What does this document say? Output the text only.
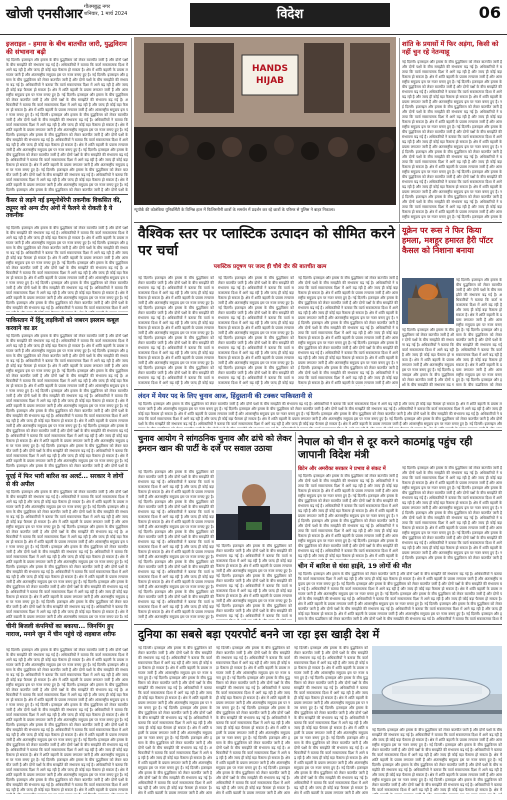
खोजी एनसीआर गौतमबुद्ध नगर
शनिवार, 1 मार्च 2024	विदेश	06
इजराइल - हमास के बीच बातचीत जारी, युद्धविराम की संभावना बढ़ी
नई दिल्ली। इजराइल और हमास के बीच युद्धविराम को लेकर बातचीत जारी है और दोनों पक्षों के बीच समझौते की संभावना बढ़ गई है। अधिकारियों ने बताया कि वार्ता सकारात्मक दिशा में आगे बढ़ रही है और जल्द ही कोई बड़ा फैसला हो सकता है। क्षेत्र में शांति बहाली के प्रयास लगातार जारी हैं और अंतरराष्ट्रीय समुदाय इस पर नजर बनाए हुए है। नई दिल्ली। इजराइल और हमास के बीच युद्धविराम को लेकर बातचीत जारी है और दोनों पक्षों के बीच समझौते की संभावना बढ़ गई है। अधिकारियों ने बताया कि वार्ता सकारात्मक दिशा में आगे बढ़ रही है और जल्द ही कोई बड़ा फैसला हो सकता है। क्षेत्र में शांति बहाली के प्रयास लगातार जारी हैं और अंतरराष्ट्रीय समुदाय इस पर नजर बनाए हुए है। नई दिल्ली। इजराइल और हमास के बीच युद्धविराम को लेकर बातचीत जारी है और दोनों पक्षों के बीच समझौते की संभावना बढ़ गई है। अधिकारियों ने बताया कि वार्ता सकारात्मक दिशा में आगे बढ़ रही है और जल्द ही कोई बड़ा फैसला हो सकता है। क्षेत्र में शांति बहाली के प्रयास लगातार जारी हैं और अंतरराष्ट्रीय समुदाय इस पर नजर बनाए हुए है। नई दिल्ली। इजराइल और हमास के बीच युद्धविराम को लेकर बातचीत जारी है और दोनों पक्षों के बीच समझौते की संभावना बढ़ गई है। अधिकारियों ने बताया कि वार्ता सकारात्मक दिशा में आगे बढ़ रही है और जल्द ही कोई बड़ा फैसला हो सकता है। क्षेत्र में शांति बहाली के प्रयास लगातार जारी हैं और अंतरराष्ट्रीय समुदाय इस पर नजर बनाए हुए है। नई दिल्ली। इजराइल और हमास के बीच युद्धविराम को लेकर बातचीत जारी है और दोनों पक्षों के बीच समझौते की संभावना बढ़ गई है। अधिकारियों ने बताया कि वार्ता सकारात्मक दिशा में आगे बढ़ रही है और जल्द ही कोई बड़ा फैसला हो सकता है। क्षेत्र में शांति बहाली के प्रयास लगातार जारी हैं और अंतरराष्ट्रीय समुदाय इस पर नजर बनाए हुए है। नई दिल्ली। इजराइल और हमास के बीच युद्धविराम को लेकर बातचीत जारी है और दोनों पक्षों के बीच समझौते की संभावना बढ़ गई है। अधिकारियों ने बताया कि वार्ता सकारात्मक दिशा में आगे बढ़ रही है और जल्द ही कोई बड़ा फैसला हो सकता है। क्षेत्र में शांति बहाली के प्रयास लगातार जारी हैं और अंतरराष्ट्रीय समुदाय इस पर नजर बनाए हुए है। नई दिल्ली। इजराइल और हमास के बीच युद्धविराम को लेकर बातचीत जारी है और दोनों पक्षों के बीच समझौते की संभावना बढ़ गई है। अधिकारियों ने बताया कि वार्ता सकारात्मक दिशा में आगे बढ़ रही है और जल्द ही कोई बड़ा फैसला हो सकता है। क्षेत्र में शांति बहाली के प्रयास लगातार जारी हैं और अंतरराष्ट्रीय समुदाय इस पर नजर बनाए हुए है। नई दिल्ली। इजराइल और हमास के बीच युद्धविराम को लेकर बातचीत जारी है और दोनों पक्षों के
कैंसर से लड़ने नई इम्यूनोथेरेपी तकनीक विकसित की, ट्यूमर को अन्य टीए अंगों में फैलने से रोकती है ये तकनीक
नई दिल्ली। इजराइल और हमास के बीच युद्धविराम को लेकर बातचीत जारी है और दोनों पक्षों के बीच समझौते की संभावना बढ़ गई है। अधिकारियों ने बताया कि वार्ता सकारात्मक दिशा में आगे बढ़ रही है और जल्द ही कोई बड़ा फैसला हो सकता है। क्षेत्र में शांति बहाली के प्रयास लगातार जारी हैं और अंतरराष्ट्रीय समुदाय इस पर नजर बनाए हुए है। नई दिल्ली। इजराइल और हमास के बीच युद्धविराम को लेकर बातचीत जारी है और दोनों पक्षों के बीच समझौते की संभावना बढ़ गई है। अधिकारियों ने बताया कि वार्ता सकारात्मक दिशा में आगे बढ़ रही है और जल्द ही कोई बड़ा फैसला हो सकता है। क्षेत्र में शांति बहाली के प्रयास लगातार जारी हैं और अंतरराष्ट्रीय समुदाय इस पर नजर बनाए हुए है। नई दिल्ली। इजराइल और हमास के बीच युद्धविराम को लेकर बातचीत जारी है और दोनों पक्षों के बीच समझौते की संभावना बढ़ गई है। अधिकारियों ने बताया कि वार्ता सकारात्मक दिशा में आगे बढ़ रही है और जल्द ही कोई बड़ा फैसला हो सकता है। क्षेत्र में शांति बहाली के प्रयास लगातार जारी हैं और अंतरराष्ट्रीय समुदाय इस पर नजर बनाए हुए है। नई दिल्ली। इजराइल और हमास के बीच युद्धविराम को लेकर बातचीत जारी है और दोनों पक्षों के बीच समझौते की संभावना बढ़ गई है। अधिकारियों ने बताया कि वार्ता सकारात्मक दिशा में आगे बढ़ रही है और जल्द ही कोई बड़ा फैसला हो सकता है। क्षेत्र में शांति बहाली के प्रयास लगातार जारी हैं और अंतरराष्ट्रीय समुदाय इस पर नजर बनाए हुए है। नई दिल्ली। इजराइल और हमास के बीच युद्धविराम को लेकर बातचीत जारी है और दोनों पक्षों के बीच समझौते की संभावना बढ़ गई है। अधिकारियों ने बताया कि वार्ता सकारात्मक दिशा में आगे
पाकिस्तान में हिंदू लड़कियों को जबरन इस्लाम कबूल करवाने का डर
नई दिल्ली। इजराइल और हमास के बीच युद्धविराम को लेकर बातचीत जारी है और दोनों पक्षों के बीच समझौते की संभावना बढ़ गई है। अधिकारियों ने बताया कि वार्ता सकारात्मक दिशा में आगे बढ़ रही है और जल्द ही कोई बड़ा फैसला हो सकता है। क्षेत्र में शांति बहाली के प्रयास लगातार जारी हैं और अंतरराष्ट्रीय समुदाय इस पर नजर बनाए हुए है। नई दिल्ली। इजराइल और हमास के बीच युद्धविराम को लेकर बातचीत जारी है और दोनों पक्षों के बीच समझौते की संभावना बढ़ गई है। अधिकारियों ने बताया कि वार्ता सकारात्मक दिशा में आगे बढ़ रही है और जल्द ही कोई बड़ा फैसला हो सकता है। क्षेत्र में शांति बहाली के प्रयास लगातार जारी हैं और अंतरराष्ट्रीय समुदाय इस पर नजर बनाए हुए है। नई दिल्ली। इजराइल और हमास के बीच युद्धविराम को लेकर बातचीत जारी है और दोनों पक्षों के बीच समझौते की संभावना बढ़ गई है। अधिकारियों ने बताया कि वार्ता सकारात्मक दिशा में आगे बढ़ रही है और जल्द ही कोई बड़ा फैसला हो सकता है। क्षेत्र में शांति बहाली के प्रयास लगातार जारी हैं और अंतरराष्ट्रीय समुदाय इस पर नजर बनाए हुए है। नई दिल्ली। इजराइल और हमास के बीच युद्धविराम को लेकर बातचीत जारी है और दोनों पक्षों के बीच समझौते की संभावना बढ़ गई है। अधिकारियों ने बताया कि वार्ता सकारात्मक दिशा में आगे बढ़ रही है और जल्द ही कोई बड़ा फैसला हो सकता है। क्षेत्र में शांति बहाली के प्रयास लगातार जारी हैं और अंतरराष्ट्रीय समुदाय इस पर नजर बनाए हुए है। नई दिल्ली। इजराइल और हमास के बीच युद्धविराम को लेकर बातचीत जारी है और दोनों पक्षों के बीच समझौते की संभावना बढ़ गई है। अधिकारियों ने बताया कि वार्ता सकारात्मक दिशा में आगे बढ़ रही है और जल्द ही कोई बड़ा फैसला हो सकता है। क्षेत्र में शांति बहाली के प्रयास लगातार जारी हैं और अंतरराष्ट्रीय समुदाय इस पर नजर बनाए हुए है। नई दिल्ली। इजराइल और हमास के बीच युद्धविराम को लेकर बातचीत जारी है और दोनों पक्षों के बीच समझौते की संभावना बढ़ गई है। अधिकारियों ने बताया कि वार्ता सकारात्मक दिशा में आगे बढ़ रही है और जल्द ही कोई बड़ा फैसला हो सकता है। क्षेत्र में शांति बहाली के प्रयास लगातार जारी हैं और अंतरराष्ट्रीय समुदाय इस पर नजर बनाए हुए है। नई दिल्ली। इजराइल और हमास के बीच युद्धविराम को लेकर बातचीत जारी है और दोनों पक्षों के बीच समझौते की संभावना बढ़ गई है। अधिकारियों ने बताया कि वार्ता सकारात्मक दिशा में आगे बढ़ रही है और जल्द ही कोई बड़ा फैसला हो सकता है। क्षेत्र में शांति बहाली के प्रयास लगातार जारी हैं और अंतरराष्ट्रीय समुदाय इस पर नजर बनाए हुए है। नई दिल्ली। इजराइल और हमास के बीच युद्धविराम को लेकर बातचीत जारी है और दोनों पक्षों के
यूएई में फिर भारी बारिश का अलर्ट... सरकार ने लोगों से की अपील
नई दिल्ली। इजराइल और हमास के बीच युद्धविराम को लेकर बातचीत जारी है और दोनों पक्षों के बीच समझौते की संभावना बढ़ गई है। अधिकारियों ने बताया कि वार्ता सकारात्मक दिशा में आगे बढ़ रही है और जल्द ही कोई बड़ा फैसला हो सकता है। क्षेत्र में शांति बहाली के प्रयास लगातार जारी हैं और अंतरराष्ट्रीय समुदाय इस पर नजर बनाए हुए है। नई दिल्ली। इजराइल और हमास के बीच युद्धविराम को लेकर बातचीत जारी है और दोनों पक्षों के बीच समझौते की संभावना बढ़ गई है। अधिकारियों ने बताया कि वार्ता सकारात्मक दिशा में आगे बढ़ रही है और जल्द ही कोई बड़ा फैसला हो सकता है। क्षेत्र में शांति बहाली के प्रयास लगातार जारी हैं और अंतरराष्ट्रीय समुदाय इस पर नजर बनाए हुए है। नई दिल्ली। इजराइल और हमास के बीच युद्धविराम को लेकर बातचीत जारी है और दोनों पक्षों के बीच समझौते की संभावना बढ़ गई है। अधिकारियों ने बताया कि वार्ता सकारात्मक दिशा में आगे बढ़ रही है और जल्द ही कोई बड़ा फैसला हो सकता है। क्षेत्र में शांति बहाली के प्रयास लगातार जारी हैं और अंतरराष्ट्रीय समुदाय इस पर नजर बनाए हुए है। नई दिल्ली। इजराइल और हमास के बीच युद्धविराम को लेकर बातचीत जारी है और दोनों पक्षों के बीच समझौते की संभावना बढ़ गई है। अधिकारियों ने बताया कि वार्ता सकारात्मक दिशा में आगे बढ़ रही है और जल्द ही कोई बड़ा फैसला हो सकता है। क्षेत्र में शांति बहाली के प्रयास लगातार जारी हैं और अंतरराष्ट्रीय समुदाय इस पर नजर बनाए हुए है। नई दिल्ली। इजराइल और हमास के बीच युद्धविराम को लेकर बातचीत जारी है और दोनों पक्षों के बीच समझौते की संभावना बढ़ गई है। अधिकारियों ने बताया कि वार्ता सकारात्मक दिशा में आगे बढ़ रही है और जल्द ही कोई बड़ा फैसला हो सकता है। क्षेत्र में शांति बहाली के प्रयास लगातार जारी हैं और अंतरराष्ट्रीय समुदाय इस पर नजर बनाए हुए है। नई दिल्ली। इजराइल और हमास के बीच युद्धविराम को लेकर बातचीत जारी है और दोनों पक्षों के बीच समझौते की संभावना बढ़ गई है। अधिकारियों ने बताया कि वार्ता सकारात्मक दिशा में आगे बढ़ रही है और जल्द ही कोई बड़ा फैसला हो सकता है। क्षेत्र में शांति बहाली के प्रयास लगातार जारी हैं और अंतरराष्ट्रीय समुदाय इस पर नजर बनाए हुए है। नई दिल्ली। इजराइल और हमास के बीच युद्धविराम को लेकर बातचीत जारी है और दोनों पक्षों के बीच समझौते की संभावना बढ़ गई है। अधिकारियों ने बताया कि वार्ता सकारात्मक दिशा में आगे बढ़ रही है और जल्द ही कोई बड़ा फैसला हो सकता है। क्षेत्र में शांति बहाली के प्रयास लगातार जारी हैं और अंतरराष्ट्रीय समुदाय इस पर नजर बनाए हुए है। नई
चीनी बिजली कंपनियों का बकाया... जिनपिंग हुए नाराज, मनाने जुन में चीन पहुंचे रहे शहबाज शरीफ
नई दिल्ली। इजराइल और हमास के बीच युद्धविराम को लेकर बातचीत जारी है और दोनों पक्षों के बीच समझौते की संभावना बढ़ गई है। अधिकारियों ने बताया कि वार्ता सकारात्मक दिशा में आगे बढ़ रही है और जल्द ही कोई बड़ा फैसला हो सकता है। क्षेत्र में शांति बहाली के प्रयास लगातार जारी हैं और अंतरराष्ट्रीय समुदाय इस पर नजर बनाए हुए है। नई दिल्ली। इजराइल और हमास के बीच युद्धविराम को लेकर बातचीत जारी है और दोनों पक्षों के बीच समझौते की संभावना बढ़ गई है। अधिकारियों ने बताया कि वार्ता सकारात्मक दिशा में आगे बढ़ रही है और जल्द ही कोई बड़ा फैसला हो सकता है। क्षेत्र में शांति बहाली के प्रयास लगातार जारी हैं और अंतरराष्ट्रीय समुदाय इस पर नजर बनाए हुए है। नई दिल्ली। इजराइल और हमास के बीच युद्धविराम को लेकर बातचीत जारी है और दोनों पक्षों के बीच समझौते की संभावना बढ़ गई है। अधिकारियों ने बताया कि वार्ता सकारात्मक दिशा में आगे बढ़ रही है और जल्द ही कोई बड़ा फैसला हो सकता है। क्षेत्र में शांति बहाली के प्रयास लगातार जारी हैं और अंतरराष्ट्रीय समुदाय इस पर नजर बनाए हुए है। नई दिल्ली। इजराइल और हमास के बीच युद्धविराम को लेकर बातचीत जारी है और दोनों पक्षों के बीच समझौते की संभावना बढ़ गई है। अधिकारियों ने बताया कि वार्ता सकारात्मक दिशा में आगे बढ़ रही है और जल्द ही कोई बड़ा फैसला हो सकता है। क्षेत्र में शांति बहाली के प्रयास लगातार जारी हैं और अंतरराष्ट्रीय समुदाय इस पर नजर बनाए हुए है। नई दिल्ली। इजराइल और हमास के बीच युद्धविराम को लेकर बातचीत जारी है और दोनों पक्षों के बीच समझौते की संभावना बढ़ गई है। अधिकारियों ने बताया कि वार्ता सकारात्मक दिशा में आगे बढ़ रही है और जल्द ही कोई बड़ा फैसला हो सकता है। क्षेत्र में शांति बहाली के प्रयास लगातार जारी हैं और अंतरराष्ट्रीय समुदाय इस पर नजर बनाए हुए है। नई दिल्ली। इजराइल और हमास के बीच युद्धविराम को लेकर बातचीत जारी है और दोनों पक्षों के बीच समझौते की संभावना बढ़ गई है। अधिकारियों ने बताया कि वार्ता सकारात्मक दिशा में आगे बढ़ रही है और जल्द ही कोई बड़ा फैसला हो सकता है। क्षेत्र में शांति बहाली के प्रयास लगातार जारी हैं और अंतरराष्ट्रीय समुदाय इस पर नजर बनाए हुए है। नई दिल्ली। इजराइल और हमास के बीच युद्धविराम को लेकर बातचीत जारी है और दोनों पक्षों के बीच समझौते की संभावना बढ़ गई है। अधिकारियों ने बताया कि वार्ता सकारात्मक दिशा में आगे बढ़ रही है और जल्द ही कोई बड़ा फैसला हो सकता है। क्षेत्र में शांति बहाली के प्रयास लगातार जारी हैं और अंतरराष्ट्रीय समुदाय इस पर नजर बनाए हुए है। नई दिल्ली। इजराइल और हमास के बीच युद्धविराम को लेकर बातचीत जारी है और दोनों पक्षों के बीच समझौते की संभावना बढ़ गई है। अधिकारियों ने बताया कि वार्ता सकारात्मक दिशा में आगे बढ़ रही है और जल्द ही कोई बड़ा फैसला हो सकता है। क्षेत्र में शांति बहाली के प्रयास लगातार
HANDS
HIJAB
न्यूयॉर्क की कोलंबिया यूनिवर्सिटी के विभिन्न हाल में फिलिस्तीनी छात्रों के समर्थन में प्रदर्शन कर रहे छात्रों के परिसर से पुलिस ने बाहर निकाला।
शांति के प्रयासों में फिर अड़ंगा, किसी को नहीं चुन रहे नेतन्याहू
नई दिल्ली। इजराइल और हमास के बीच युद्धविराम को लेकर बातचीत जारी है और दोनों पक्षों के बीच समझौते की संभावना बढ़ गई है। अधिकारियों ने बताया कि वार्ता सकारात्मक दिशा में आगे बढ़ रही है और जल्द ही कोई बड़ा फैसला हो सकता है। क्षेत्र में शांति बहाली के प्रयास लगातार जारी हैं और अंतरराष्ट्रीय समुदाय इस पर नजर बनाए हुए है। नई दिल्ली। इजराइल और हमास के बीच युद्धविराम को लेकर बातचीत जारी है और दोनों पक्षों के बीच समझौते की संभावना बढ़ गई है। अधिकारियों ने बताया कि वार्ता सकारात्मक दिशा में आगे बढ़ रही है और जल्द ही कोई बड़ा फैसला हो सकता है। क्षेत्र में शांति बहाली के प्रयास लगातार जारी हैं और अंतरराष्ट्रीय समुदाय इस पर नजर बनाए हुए है। नई दिल्ली। इजराइल और हमास के बीच युद्धविराम को लेकर बातचीत जारी है और दोनों पक्षों के बीच समझौते की संभावना बढ़ गई है। अधिकारियों ने बताया कि वार्ता सकारात्मक दिशा में आगे बढ़ रही है और जल्द ही कोई बड़ा फैसला हो सकता है। क्षेत्र में शांति बहाली के प्रयास लगातार जारी हैं और अंतरराष्ट्रीय समुदाय इस पर नजर बनाए हुए है। नई दिल्ली। इजराइल और हमास के बीच युद्धविराम को लेकर बातचीत जारी है और दोनों पक्षों के बीच समझौते की संभावना बढ़ गई है। अधिकारियों ने बताया कि वार्ता सकारात्मक दिशा में आगे बढ़ रही है और जल्द ही कोई बड़ा फैसला हो सकता है। क्षेत्र में शांति बहाली के प्रयास लगातार जारी हैं और अंतरराष्ट्रीय समुदाय इस पर नजर बनाए हुए है। नई दिल्ली। इजराइल और हमास के बीच युद्धविराम को लेकर बातचीत जारी है और दोनों पक्षों के बीच समझौते की संभावना बढ़ गई है। अधिकारियों ने बताया कि वार्ता सकारात्मक दिशा में आगे बढ़ रही है और जल्द ही कोई बड़ा फैसला हो सकता है। क्षेत्र में शांति बहाली के प्रयास लगातार जारी हैं और अंतरराष्ट्रीय समुदाय इस पर नजर बनाए हुए है। नई दिल्ली। इजराइल और हमास के बीच युद्धविराम को लेकर बातचीत जारी है और दोनों पक्षों के बीच समझौते की संभावना बढ़ गई है। अधिकारियों ने बताया कि वार्ता सकारात्मक दिशा में आगे बढ़ रही है और जल्द ही कोई बड़ा फैसला हो सकता है। क्षेत्र में शांति बहाली के प्रयास लगातार जारी हैं और अंतरराष्ट्रीय समुदाय इस पर नजर बनाए हुए है। नई दिल्ली। इजराइल और हमास के बीच युद्धविराम को लेकर बातचीत जारी है और दोनों पक्षों के बीच समझौते की संभावना बढ़ गई है। अधिकारियों ने बताया कि वार्ता सकारात्मक दिशा में आगे बढ़ रही है और जल्द ही कोई बड़ा फैसला हो सकता है। क्षेत्र में शांति बहाली के प्रयास लगातार जारी हैं और अंतरराष्ट्रीय समुदाय इस पर नजर बनाए हुए है। नई दिल्ली। इजराइल और हमास के
वैश्विक स्तर पर प्लास्टिक उत्पादन को सीमित करने पर चर्चा
प्लास्टिक प्रदूषण पर जल्द ही चौथे दौर की बातचीत खत्म
नई दिल्ली। इजराइल और हमास के बीच युद्धविराम को लेकर बातचीत जारी है और दोनों पक्षों के बीच समझौते की संभावना बढ़ गई है। अधिकारियों ने बताया कि वार्ता सकारात्मक दिशा में आगे बढ़ रही है और जल्द ही कोई बड़ा फैसला हो सकता है। क्षेत्र में शांति बहाली के प्रयास लगातार जारी हैं और अंतरराष्ट्रीय समुदाय इस पर नजर बनाए हुए है। नई दिल्ली। इजराइल और हमास के बीच युद्धविराम को लेकर बातचीत जारी है और दोनों पक्षों के बीच समझौते की संभावना बढ़ गई है। अधिकारियों ने बताया कि वार्ता सकारात्मक दिशा में आगे बढ़ रही है और जल्द ही कोई बड़ा फैसला हो सकता है। क्षेत्र में शांति बहाली के प्रयास लगातार जारी हैं और अंतरराष्ट्रीय समुदाय इस पर नजर बनाए हुए है। नई दिल्ली। इजराइल और हमास के बीच युद्धविराम को लेकर बातचीत जारी है और दोनों पक्षों के बीच समझौते की संभावना बढ़ गई है। अधिकारियों ने बताया कि वार्ता सकारात्मक दिशा में आगे बढ़ रही है और जल्द ही कोई बड़ा फैसला हो सकता है। क्षेत्र में शांति बहाली के प्रयास लगातार जारी हैं और अंतरराष्ट्रीय समुदाय इस पर नजर बनाए हुए है। नई दिल्ली। इजराइल और हमास के बीच युद्धविराम को लेकर बातचीत जारी है और दोनों पक्षों के बीच समझौते की संभावना बढ़ गई है। अधिकारियों ने बताया कि वार्ता सकारात्मक दिशा में आगे बढ़ रही है और जल्द ही कोई बड़ा
नई दिल्ली। इजराइल और हमास के बीच युद्धविराम को लेकर बातचीत जारी है और दोनों पक्षों के बीच समझौते की संभावना बढ़ गई है। अधिकारियों ने बताया कि वार्ता सकारात्मक दिशा में आगे बढ़ रही है और जल्द ही कोई बड़ा फैसला हो सकता है। क्षेत्र में शांति बहाली के प्रयास लगातार जारी हैं और अंतरराष्ट्रीय समुदाय इस पर नजर बनाए हुए है। नई दिल्ली। इजराइल और हमास के बीच युद्धविराम को लेकर बातचीत जारी है और दोनों पक्षों के बीच समझौते की संभावना बढ़ गई है। अधिकारियों ने बताया कि वार्ता सकारात्मक दिशा में आगे बढ़ रही है और जल्द ही कोई बड़ा फैसला हो सकता है। क्षेत्र में शांति बहाली के प्रयास लगातार जारी हैं और अंतरराष्ट्रीय समुदाय इस पर नजर बनाए हुए है। नई दिल्ली। इजराइल और हमास के बीच युद्धविराम को लेकर बातचीत जारी है और दोनों पक्षों के बीच समझौते की संभावना बढ़ गई है। अधिकारियों ने बताया कि वार्ता सकारात्मक दिशा में आगे बढ़ रही है और जल्द ही कोई बड़ा फैसला हो सकता है। क्षेत्र में शांति बहाली के प्रयास लगातार जारी हैं और अंतरराष्ट्रीय समुदाय इस पर नजर बनाए हुए है। नई दिल्ली। इजराइल और हमास के बीच युद्धविराम को लेकर बातचीत जारी है और दोनों पक्षों के बीच समझौते की संभावना बढ़ गई है। अधिकारियों ने बताया कि वार्ता सकारात्मक दिशा में आगे बढ़ रही है और जल्द ही कोई बड़ा
नई दिल्ली। इजराइल और हमास के बीच युद्धविराम को लेकर बातचीत जारी है और दोनों पक्षों के बीच समझौते की संभावना बढ़ गई है। अधिकारियों ने बताया कि वार्ता सकारात्मक दिशा में आगे बढ़ रही है और जल्द ही कोई बड़ा फैसला हो सकता है। क्षेत्र में शांति बहाली के प्रयास लगातार जारी हैं और अंतरराष्ट्रीय समुदाय इस पर नजर बनाए हुए है। नई दिल्ली। इजराइल और हमास के बीच युद्धविराम को लेकर बातचीत जारी है और दोनों पक्षों के बीच समझौते की संभावना बढ़ गई है। अधिकारियों ने बताया कि वार्ता सकारात्मक दिशा में आगे बढ़ रही है और जल्द ही कोई बड़ा फैसला हो सकता है। क्षेत्र में शांति बहाली के प्रयास लगातार जारी हैं और अंतरराष्ट्रीय समुदाय इस पर नजर बनाए हुए है। नई दिल्ली। इजराइल और हमास के बीच युद्धविराम को लेकर बातचीत जारी है और दोनों पक्षों के बीच समझौते की संभावना बढ़ गई है। अधिकारियों ने बताया कि वार्ता सकारात्मक दिशा में आगे बढ़ रही है और जल्द ही कोई बड़ा फैसला हो सकता है। क्षेत्र में शांति बहाली के प्रयास लगातार जारी हैं और अंतरराष्ट्रीय समुदाय इस पर नजर बनाए हुए है। नई दिल्ली। इजराइल और हमास के बीच युद्धविराम को लेकर बातचीत जारी है और दोनों पक्षों के बीच समझौते की संभावना बढ़ गई है। अधिकारियों ने बताया कि वार्ता सकारात्मक दिशा में आगे बढ़ रही है और जल्द ही कोई बड़ा फैसला हो सकता है। क्षेत्र में शांति बहाली के प्रयास लगातार जारी हैं और अंतरराष्ट्रीय समुदाय इस पर नजर बनाए हुए है। नई दिल्ली। इजराइल और हमास के बीच युद्धविराम को लेकर बातचीत जारी है और दोनों पक्षों के बीच समझौते की संभावना बढ़ गई है। अधिकारियों ने बताया कि वार्ता सकारात्मक दिशा में आगे बढ़ रही है और जल्द ही कोई बड़ा फैसला हो सकता है। क्षेत्र में शांति बहाली के प्रयास लगातार जारी हैं और अंतर
यूक्रेन पर रूस ने फिर किया हमला, मशहूर हमारत हैरी पॉटर कैसल को निशाना बनाया
नई दिल्ली। इजराइल और हमास के बीच युद्धविराम को लेकर बातचीत जारी है और दोनों पक्षों के बीच समझौते की संभावना बढ़ गई है। अधिकारियों ने बताया कि वार्ता सकारात्मक दिशा में आगे बढ़ रही है और जल्द ही कोई बड़ा फैसला हो सकता है। क्षेत्र में शांति बहाली के प्रयास लगातार जारी हैं और अंतरराष्ट्रीय समुदाय इस पर नजर बनाए हुए है। नई दिल्ली। इजराइल और हमास के बीच युद्धविराम को लेकर बातचीत जारी है और दोनों पक्षों के बीच समझौते की संभावना बढ़ गई है। अधिकारियों ने बताया कि वार्ता सकारात्मक दिशा में आगे बढ़ रही है और जल्द ही कोई बड़ा फैसला हो सकता है। क्षेत्र में शांति बहाली के प्रयास लगातार जारी हैं और अंतरराष्ट्रीय समुदाय इस पर नजर बनाए हुए है। नई दिल्ली। इजराइल और हमास के बीच युद्धविराम को लेकर
नई दिल्ली। इजराइल और हमास के बीच युद्धविराम को लेकर बातचीत जारी है और दोनों पक्षों के बीच समझौते की संभावना बढ़ गई है। अधिकारियों ने बताया कि वार्ता सकारात्मक दिशा में आगे बढ़ रही है और जल्द ही कोई बड़ा फैसला हो सकता है। क्षेत्र में शांति बहाली के प्रयास लगातार जारी हैं और अंतरराष्ट्रीय समुदाय इस पर नजर बनाए हुए है। नई दिल्ली। इजराइल और हमास के बीच युद्धविराम को लेकर बातचीत जारी है और दोनों पक्षों के बीच समझौते की संभावना बढ़ ग
लंदन में मेयर पद के लिए चुनाव आज, हिंदुस्तानी की टक्कर पाकिस्तानी से
नई दिल्ली। इजराइल और हमास के बीच युद्धविराम को लेकर बातचीत जारी है और दोनों पक्षों के बीच समझौते की संभावना बढ़ गई है। अधिकारियों ने बताया कि वार्ता सकारात्मक दिशा में आगे बढ़ रही है और जल्द ही कोई बड़ा फैसला हो सकता है। क्षेत्र में शांति बहाली के प्रयास लगातार जारी हैं और अंतरराष्ट्रीय समुदाय इस पर नजर बनाए हुए है। नई दिल्ली। इजराइल और हमास के बीच युद्धविराम को लेकर बातचीत जारी है और दोनों पक्षों के बीच समझौते की संभावना बढ़ गई है। अधिकारियों ने बताया कि वार्ता सकारात्मक दिशा में आगे बढ़ रही है और जल्द ही कोई बड़ा फैसला हो सकता है। क्षेत्र में शांति बहाली के प्रयास लगातार जारी हैं और अंतरराष्ट्रीय समुदाय इस पर नजर बनाए हुए है। नई दिल्ली। इजराइल और हमास के बीच युद्धविराम को लेकर बातचीत जारी है और दोनों पक्षों के बीच समझौते की संभावना बढ़ गई है। अधिकारियों ने बताया कि वार्ता सकारात्मक दिशा में आगे बढ़ रही है और जल्द ही कोई बड़ा फैसला हो सकता है। क्षेत्र में शांति बहाली के प्रयास लगातार जारी हैं और अंतरराष्ट्रीय समुदाय इस पर नजर बनाए हुए है। नई दिल्ली। इजराइल और हमास के बीच युद्धविराम को लेकर बातचीत जारी है और दोनों पक्षों के बीच समझौते की संभावना बढ़ गई है। अधिकारियों ने बताया कि वार्ता सकारात्मक दिशा में आगे बढ़ रही है और जल्द ही कोई बड़ा फैसला हो सकता है। क्षेत्र में शांति बहाली के प्रयास लगातार जारी हैं और अंतरराष्ट्रीय समुदाय इस पर नजर बनाए हुए है। नई दिल्ली। इजराइल और
चुनाव आयोग ने सांगठनिक चुनाव और ढांचे को लेकर इमरान खान की पार्टी के दर्जे पर सवाल उठाया
नई दिल्ली। इजराइल और हमास के बीच युद्धविराम को लेकर बातचीत जारी है और दोनों पक्षों के बीच समझौते की संभावना बढ़ गई है। अधिकारियों ने बताया कि वार्ता सकारात्मक दिशा में आगे बढ़ रही है और जल्द ही कोई बड़ा फैसला हो सकता है। क्षेत्र में शांति बहाली के प्रयास लगातार जारी हैं और अंतरराष्ट्रीय समुदाय इस पर नजर बनाए हुए है। नई दिल्ली। इजराइल और हमास के बीच युद्धविराम को लेकर बातचीत जारी है और दोनों पक्षों के बीच समझौते की संभावना बढ़ गई है। अधिकारियों ने बताया कि वार्ता सकारात्मक दिशा में आगे बढ़ रही है और जल्द ही कोई बड़ा फैसला हो सकता है। क्षेत्र में शांति बहाली के प्रयास लगातार जारी हैं और अंतरराष्ट्रीय समुदाय इस पर नजर बनाए हुए है। नई दिल्ली। इजराइल और हमास के बीच युद्धविराम को लेकर बातचीत जारी है और दोनों पक्षों के बीच समझौते की संभावना बढ़ गई है। अधिकारियों ने बताया कि वार्ता सकारात्मक दिशा में आगे बढ़ रही है और जल्द ही कोई बड़ा फैसला हो सकता है। क्षेत्र में शांति बहाली के प्रयास लगातार जारी हैं और अंतरराष्ट्रीय समुदाय इस पर नजर बनाए हुए है। नई दिल्ली। इजराइल और हमास के बीच युद्धविराम को लेकर बातचीत जारी है और दोनों पक्षों के बीच समझौते की संभावना बढ़ गई है। अधिकारियों ने बताया कि वार्ता सकारात्मक दिशा में आगे बढ़ रही है और जल्द ही कोई बड़ा फैसला हो सकता है। क्षेत्र में शांति बहाली के प्रयास लगातार जारी हैं और अंतरराष्ट्रीय समुदाय इस पर नजर बनाए हुए है। नई दिल्ली। इजराइल और हमास के बीच युद्धविराम को लेकर बातचीत जारी है और दोनों पक्षों के बीच समझौते की संभावना बढ़ गई है। अधिकारियों ने बताया कि वार्ता सकारात्मक दिशा में आगे बढ़ रही है और जल्द ही कोई बड़ा फैसला हो सकता है। क्षेत्र में शांति बहाली के प्रयास लगातार जारी हैं और अंतरराष्ट्रीय समुदाय इस पर नजर बनाए हुए है।
नई दिल्ली। इजराइल और हमास के बीच युद्धविराम को लेकर बातचीत जारी है और दोनों पक्षों के बीच समझौते की संभावना बढ़ गई है। अधिकारियों ने बताया कि वार्ता सकारात्मक दिशा में आगे बढ़ रही है और जल्द ही कोई बड़ा फैसला हो सकता है। क्षेत्र में शांति बहाली के प्रयास लगातार जारी हैं और अंतरराष्ट्रीय समुदाय इस पर नजर बनाए हुए है। नई दिल्ली। इजराइल और हमास के बीच युद्धविराम को लेकर बातचीत जारी है और दोनों पक्षों के बीच समझौते की संभावना बढ़ गई है। अधिकारियों ने बताया कि वार्ता सकारात्मक दिशा में आगे बढ़ रही है और जल्द ही कोई बड़ा फैसला हो सकता है। क्षेत्र में शांति बहाली के प्रयास लगातार जारी हैं और अंतरराष्ट्रीय समुदाय इस पर नजर बनाए हुए है। नई दिल्ली। इजराइल और हमास के बीच युद्धविराम को लेकर बातचीत जारी है और दोनों पक्षों के बीच समझौते की संभावना बढ़ गई है। अधिकारियों ने बताया कि वार्ता स
नेपाल को चीन से दूर करने काठमांडू पहुंच रही जापानी विदेश मंत्री
ब्रिटेन और अमरीका सरकार ने प्रभाव से संकट में
नई दिल्ली। इजराइल और हमास के बीच युद्धविराम को लेकर बातचीत जारी है और दोनों पक्षों के बीच समझौते की संभावना बढ़ गई है। अधिकारियों ने बताया कि वार्ता सकारात्मक दिशा में आगे बढ़ रही है और जल्द ही कोई बड़ा फैसला हो सकता है। क्षेत्र में शांति बहाली के प्रयास लगातार जारी हैं और अंतरराष्ट्रीय समुदाय इस पर नजर बनाए हुए है। नई दिल्ली। इजराइल और हमास के बीच युद्धविराम को लेकर बातचीत जारी है और दोनों पक्षों के बीच समझौते की संभावना बढ़ गई है। अधिकारियों ने बताया कि वार्ता सकारात्मक दिशा में आगे बढ़ रही है और जल्द ही कोई बड़ा फैसला हो सकता है। क्षेत्र में शांति बहाली के प्रयास लगातार जारी हैं और अंतरराष्ट्रीय समुदाय इस पर नजर बनाए हुए है। नई दिल्ली। इजराइल और हमास के बीच युद्धविराम को लेकर बातचीत जारी है और दोनों पक्षों के बीच समझौते की संभावना बढ़ गई है। अधिकारियों ने बताया कि वार्ता सकारात्मक दिशा में आगे बढ़ रही है और जल्द ही कोई बड़ा फैसला हो सकता है। क्षेत्र में शांति बहाली के प्रयास लगातार जारी हैं और अंतरराष्ट्रीय समुदाय इस पर नजर बनाए हुए है। नई दिल्ली। इजराइल और हमास के बीच युद्धविराम को लेकर बातचीत जारी है और दोनों पक्षों के बीच समझौते की संभावना बढ़ गई है। अधिकारियों ने बताया कि वार्ता सकारात्मक दिशा में आगे बढ़ रही है और जल्द ही कोई बड़ा फैसला हो सकता है। क्षेत्र में शांति बहाली के
नई दिल्ली। इजराइल और हमास के बीच युद्धविराम को लेकर बातचीत जारी है और दोनों पक्षों के बीच समझौते की संभावना बढ़ गई है। अधिकारियों ने बताया कि वार्ता सकारात्मक दिशा में आगे बढ़ रही है और जल्द ही कोई बड़ा फैसला हो सकता है। क्षेत्र में शांति बहाली के प्रयास लगातार जारी हैं और अंतरराष्ट्रीय समुदाय इस पर नजर बनाए हुए है। नई दिल्ली। इजराइल और हमास के बीच युद्धविराम को लेकर बातचीत जारी है और दोनों पक्षों के बीच समझौते की संभावना बढ़ गई है। अधिकारियों ने बताया कि वार्ता सकारात्मक दिशा में आगे बढ़ रही है और जल्द ही कोई बड़ा फैसला हो सकता है। क्षेत्र में शांति बहाली के प्रयास लगातार जारी हैं और अंतरराष्ट्रीय समुदाय इस पर नजर बनाए हुए है। नई दिल्ली। इजराइल और हमास के बीच युद्धविराम को लेकर बातचीत जारी है और दोनों पक्षों के बीच समझौते की संभावना बढ़ गई है। अधिकारियों ने बताया कि वार्ता सकारात्मक दिशा में आगे बढ़ रही है और जल्द ही कोई बड़ा फैसला हो सकता है। क्षेत्र में शांति बहाली के प्रयास लगातार जारी हैं और अंतरराष्ट्रीय समुदाय इस पर नजर बनाए हुए है। नई दिल्ली। इजराइल और हमास के बीच युद्धविराम को लेकर बातचीत जारी है और दोनों पक्षों के बीच समझौते की संभावना बढ़ गई है। अधिकारियों ने बताया कि वार्ता सकारात्मक दिशा में आगे बढ़ रही है और जल्द ही कोई बड़ा फैसला हो सकता है। क्षेत्र में शांति बहाली के प्रयास लगातार जारी हैं और अंतरराष्ट्रीय समुदाय इस पर नजर बनाए हुए है। नई दिल्ली। इजराइल और हमास के बीच युद्धविराम को लेकर बातचीत जारी है
चीन में बारिश से धंसा हाईवे, 19 लोगों की मौत
नई दिल्ली। इजराइल और हमास के बीच युद्धविराम को लेकर बातचीत जारी है और दोनों पक्षों के बीच समझौते की संभावना बढ़ गई है। अधिकारियों ने बताया कि वार्ता सकारात्मक दिशा में आगे बढ़ रही है और जल्द ही कोई बड़ा फैसला हो सकता है। क्षेत्र में शांति बहाली के प्रयास लगातार जारी हैं और अंतरराष्ट्रीय समुदाय इस पर नजर बनाए हुए है। नई दिल्ली। इजराइल और हमास के बीच युद्धविराम को लेकर बातचीत जारी है और दोनों पक्षों के बीच समझौते की संभावना बढ़ गई है। अधिकारियों ने बताया कि वार्ता सकारात्मक दिशा में आगे बढ़ रही है और जल्द ही कोई बड़ा फैसला हो सकता है। क्षेत्र में शांति बहाली के प्रयास लगातार जारी हैं और अंतरराष्ट्रीय समुदाय इस पर नजर बनाए हुए है। नई दिल्ली। इजराइल और हमास के बीच युद्धविराम को लेकर बातचीत जारी है और दोनों पक्षों के बीच समझौते की संभावना बढ़ गई है। अधिकारियों ने बताया कि वार्ता सकारात्मक दिशा में आगे बढ़ रही है और जल्द ही कोई बड़ा फैसला हो सकता है। क्षेत्र में शांति बहाली के प्रयास लगातार जारी हैं और अंतरराष्ट्रीय समुदाय इस पर नजर बनाए हुए है। नई दिल्ली। इजराइल और हमास के बीच युद्धविराम को लेकर बातचीत जारी है और दोनों पक्षों के बीच समझौते की संभावना बढ़ गई है। अधिकारियों ने बताया कि वार्ता सकारात्मक दिशा में आगे बढ़ रही है और जल्द ही कोई बड़ा फैसला हो सकता है। क्षेत्र में शांति बहाली के प्रयास लगातार जारी हैं और अंतरराष्ट्रीय समुदाय इस पर नजर बनाए हुए है। नई दिल्ली। इजराइल और हमास के बीच युद्धविराम को लेकर बातचीत जारी है और दोनों पक्षों के बीच समझौते की संभावना बढ़ गई है। अधिकारियों ने बताया कि वार्ता सकारात्मक दिशा में
दुनिया का सबसे बड़ा एयरपोर्ट बनने जा रहा इस खाड़ी देश में
नई दिल्ली। इजराइल और हमास के बीच युद्धविराम को लेकर बातचीत जारी है और दोनों पक्षों के बीच समझौते की संभावना बढ़ गई है। अधिकारियों ने बताया कि वार्ता सकारात्मक दिशा में आगे बढ़ रही है और जल्द ही कोई बड़ा फैसला हो सकता है। क्षेत्र में शांति बहाली के प्रयास लगातार जारी हैं और अंतरराष्ट्रीय समुदाय इस पर नजर बनाए हुए है। नई दिल्ली। इजराइल और हमास के बीच युद्धविराम को लेकर बातचीत जारी है और दोनों पक्षों के बीच समझौते की संभावना बढ़ गई है। अधिकारियों ने बताया कि वार्ता सकारात्मक दिशा में आगे बढ़ रही है और जल्द ही कोई बड़ा फैसला हो सकता है। क्षेत्र में शांति बहाली के प्रयास लगातार जारी हैं और अंतरराष्ट्रीय समुदाय इस पर नजर बनाए हुए है। नई दिल्ली। इजराइल और हमास के बीच युद्धविराम को लेकर बातचीत जारी है और दोनों पक्षों के बीच समझौते की संभावना बढ़ गई है। अधिकारियों ने बताया कि वार्ता सकारात्मक दिशा में आगे बढ़ रही है और जल्द ही कोई बड़ा फैसला हो सकता है। क्षेत्र में शांति बहाली के प्रयास लगातार जारी हैं और अंतरराष्ट्रीय समुदाय इस पर नजर बनाए हुए है। नई दिल्ली। इजराइल और हमास के बीच युद्धविराम को लेकर बातचीत जारी है और दोनों पक्षों के बीच समझौते की संभावना बढ़ गई है। अधिकारियों ने बताया कि वार्ता सकारात्मक दिशा में आगे बढ़ रही है और जल्द ही कोई बड़ा फैसला हो सकता है। क्षेत्र में शांति बहाली के प्रयास लगातार जारी हैं और अंतरराष्ट्रीय समुदाय इस पर नजर बनाए हुए है। नई दिल्ली। इजराइल और हमास के बीच युद्धविराम को लेकर बातचीत जारी है और दोनों पक्षों के बीच समझौते की संभावना बढ़ गई है। अधिकारियों ने बताया कि वार्ता सकारात्मक दिशा में आगे बढ़ रही है और जल्द ही कोई बड़ा फैसला हो सकता है। क्षेत्र में शांति बहाली के प्रयास लगातार जारी हैं और अंतर
नई दिल्ली। इजराइल और हमास के बीच युद्धविराम को लेकर बातचीत जारी है और दोनों पक्षों के बीच समझौते की संभावना बढ़ गई है। अधिकारियों ने बताया कि वार्ता सकारात्मक दिशा में आगे बढ़ रही है और जल्द ही कोई बड़ा फैसला हो सकता है। क्षेत्र में शांति बहाली के प्रयास लगातार जारी हैं और अंतरराष्ट्रीय समुदाय इस पर नजर बनाए हुए है। नई दिल्ली। इजराइल और हमास के बीच युद्धविराम को लेकर बातचीत जारी है और दोनों पक्षों के बीच समझौते की संभावना बढ़ गई है। अधिकारियों ने बताया कि वार्ता सकारात्मक दिशा में आगे बढ़ रही है और जल्द ही कोई बड़ा फैसला हो सकता है। क्षेत्र में शांति बहाली के प्रयास लगातार जारी हैं और अंतरराष्ट्रीय समुदाय इस पर नजर बनाए हुए है। नई दिल्ली। इजराइल और हमास के बीच युद्धविराम को लेकर बातचीत जारी है और दोनों पक्षों के बीच समझौते की संभावना बढ़ गई है। अधिकारियों ने बताया कि वार्ता सकारात्मक दिशा में आगे बढ़ रही है और जल्द ही कोई बड़ा फैसला हो सकता है। क्षेत्र में शांति बहाली के प्रयास लगातार जारी हैं और अंतरराष्ट्रीय समुदाय इस पर नजर बनाए हुए है। नई दिल्ली। इजराइल और हमास के बीच युद्धविराम को लेकर बातचीत जारी है और दोनों पक्षों के बीच समझौते की संभावना बढ़ गई है। अधिकारियों ने बताया कि वार्ता सकारात्मक दिशा में आगे बढ़ रही है और जल्द ही कोई बड़ा फैसला हो सकता है। क्षेत्र में शांति बहाली के प्रयास लगातार जारी हैं और अंतरराष्ट्रीय समुदाय इस पर नजर बनाए हुए है। नई दिल्ली। इजराइल और हमास के बीच युद्धविराम को लेकर बातचीत जारी है और दोनों पक्षों के बीच समझौते की संभावना बढ़ गई है। अधिकारियों ने बताया कि वार्ता सकारात्मक दिशा में आगे बढ़ रही है और जल्द ही कोई बड़ा फैसला हो सकता है। क्षेत्र में शांति बहाली के प्रयास लगातार जारी हैं और अंतर
नई दिल्ली। इजराइल और हमास के बीच युद्धविराम को लेकर बातचीत जारी है और दोनों पक्षों के बीच समझौते की संभावना बढ़ गई है। अधिकारियों ने बताया कि वार्ता सकारात्मक दिशा में आगे बढ़ रही है और जल्द ही कोई बड़ा फैसला हो सकता है। क्षेत्र में शांति बहाली के प्रयास लगातार जारी हैं और अंतरराष्ट्रीय समुदाय इस पर नजर बनाए हुए है। नई दिल्ली। इजराइल और हमास के बीच युद्धविराम को लेकर बातचीत जारी है और दोनों पक्षों के बीच समझौते की संभावना बढ़ गई है। अधिकारियों ने बताया कि वार्ता सकारात्मक दिशा में आगे बढ़ रही है और जल्द ही कोई बड़ा फैसला हो सकता है। क्षेत्र में शांति बहाली के प्रयास लगातार जारी हैं और अंतरराष्ट्रीय समुदाय इस पर नजर बनाए हुए है। नई दिल्ली। इजराइल और हमास के बीच युद्धविराम को लेकर बातचीत जारी है और दोनों पक्षों के बीच समझौते की संभावना बढ़ गई है। अधिकारियों ने बताया कि वार्ता सकारात्मक दिशा में आगे बढ़ रही है और जल्द ही कोई बड़ा फैसला हो सकता है। क्षेत्र में शांति बहाली के प्रयास लगातार जारी हैं और अंतरराष्ट्रीय समुदाय इस पर नजर बनाए हुए है। नई दिल्ली। इजराइल और हमास के बीच युद्धविराम को लेकर बातचीत जारी है और दोनों पक्षों के बीच समझौते की संभावना बढ़ गई है। अधिकारियों ने बताया कि वार्ता सकारात्मक दिशा में आगे बढ़ रही है और जल्द ही कोई बड़ा फैसला हो सकता है। क्षेत्र में शांति बहाली के प्रयास लगातार जारी हैं और अंतरराष्ट्रीय समुदाय इस पर नजर बनाए हुए है। नई दिल्ली। इजराइल और हमास के बीच युद्धविराम को लेकर बातचीत जारी है और दोनों पक्षों के बीच समझौते की संभावना बढ़ गई है। अधिकारियों ने बताया कि वार्ता सकारात्मक दिशा में आगे बढ़ रही है और जल्द ही कोई बड़ा फैसला हो सकता है। क्षेत्र में शांति बहाली के प्रयास लगातार जारी हैं और अंतर
नई दिल्ली। इजराइल और हमास के बीच युद्धविराम को लेकर बातचीत जारी है और दोनों पक्षों के बीच समझौते की संभावना बढ़ गई है। अधिकारियों ने बताया कि वार्ता सकारात्मक दिशा में आगे बढ़ रही है और जल्द ही कोई बड़ा फैसला हो सकता है। क्षेत्र में शांति बहाली के प्रयास लगातार जारी हैं और अंतरराष्ट्रीय समुदाय इस पर नजर बनाए हुए है। नई दिल्ली। इजराइल और हमास के बीच युद्धविराम को लेकर बातचीत जारी है और दोनों पक्षों के बीच समझौते की संभावना बढ़ गई है। अधिकारियों ने बताया कि वार्ता सकारात्मक दिशा में आगे बढ़ रही है और जल्द ही कोई बड़ा फैसला हो सकता है। क्षेत्र में शांति बहाली के प्रयास लगातार जारी हैं और अंतरराष्ट्रीय समुदाय इस पर नजर बनाए हुए है। नई दिल्ली। इजराइल और हमास के बीच युद्धविराम को लेकर बातचीत जारी है और दोनों पक्षों के बीच समझौते की संभावना बढ़ गई है। अधिकारियों ने बताया कि वार्ता सकारात्मक दिशा में आगे बढ़ रही है और जल्द ही कोई बड़ा फैसला हो सकता है। क्षेत्र में शांति बहाली के प्रयास लगातार जारी हैं और अंतरराष्ट्रीय समुदाय इस पर नजर बनाए हुए है। नई दिल्ली। इजराइल और हमास के बीच युद्धविराम को लेकर बातचीत जारी है और दोनों पक्षों के बीच समझौते की संभावना बढ़ गई है। अधिकारियों ने बताया कि वार्ता सकारात्मक दिशा में आगे बढ़ रही है और जल्द ही कोई बड़ा फैसला हो सकता है। क्षेत्र में
